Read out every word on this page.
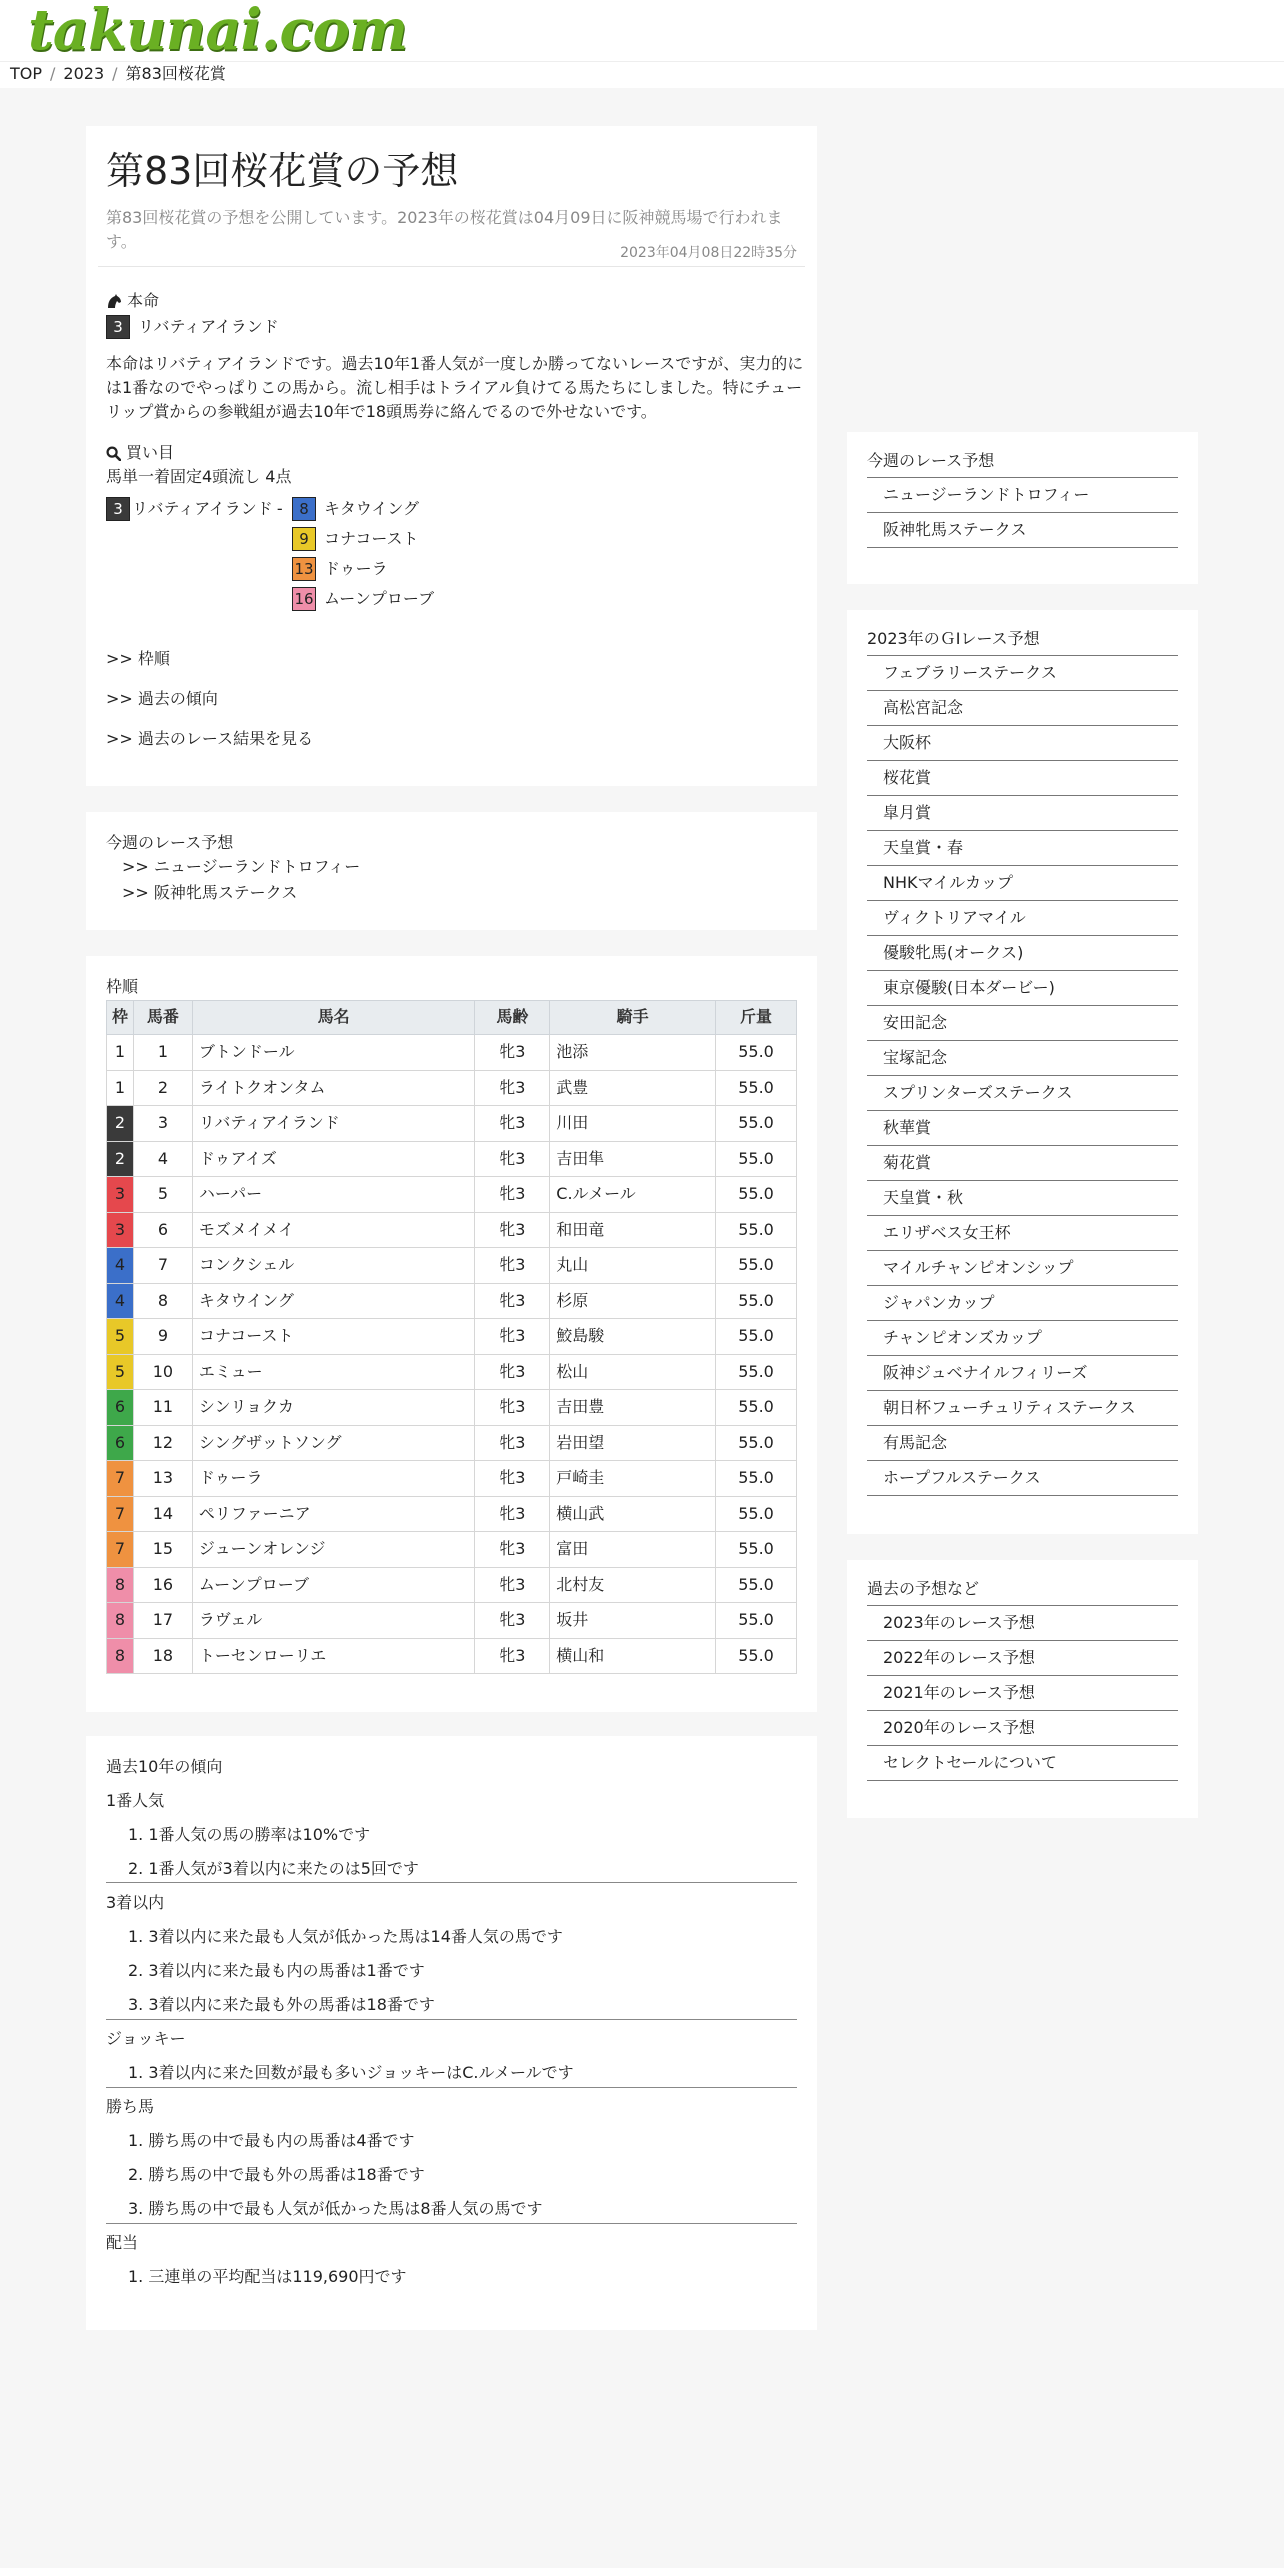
takunai.com
TOP / 2023 / 第83回桜花賞
第83回桜花賞の予想
第83回桜花賞の予想を公開しています。2023年の桜花賞は04月09日に阪神競馬場で行われます。
2023年04月08日22時35分
本命
3 リバティアイランド
本命はリバティアイランドです。過去10年1番人気が一度しか勝ってないレースですが、実力的には1番なのでやっぱりこの馬から。流し相手はトライアル負けてる馬たちにしました。特にチューリップ賞からの参戦組が過去10年で18頭馬券に絡んでるので外せないです。
買い目
馬単一着固定4頭流し 4点
3 リバティアイランド -	8 キタウイング
9 コナコースト
13 ドゥーラ
16 ムーンプローブ
>> 枠順
>> 過去の傾向
>> 過去のレース結果を見る
今週のレース予想
>> ニュージーランドトロフィー
>> 阪神牝馬ステークス
枠順
枠	馬番	馬名	馬齢	騎手	斤量
1	1	ブトンドール	牝3	池添	55.0
1	2	ライトクオンタム	牝3	武豊	55.0
2	3	リバティアイランド	牝3	川田	55.0
2	4	ドゥアイズ	牝3	吉田隼	55.0
3	5	ハーパー	牝3	C.ルメール	55.0
3	6	モズメイメイ	牝3	和田竜	55.0
4	7	コンクシェル	牝3	丸山	55.0
4	8	キタウイング	牝3	杉原	55.0
5	9	コナコースト	牝3	鮫島駿	55.0
5	10	エミュー	牝3	松山	55.0
6	11	シンリョクカ	牝3	吉田豊	55.0
6	12	シングザットソング	牝3	岩田望	55.0
7	13	ドゥーラ	牝3	戸崎圭	55.0
7	14	ペリファーニア	牝3	横山武	55.0
7	15	ジューンオレンジ	牝3	富田	55.0
8	16	ムーンプローブ	牝3	北村友	55.0
8	17	ラヴェル	牝3	坂井	55.0
8	18	トーセンローリエ	牝3	横山和	55.0
過去10年の傾向
1番人気
1. 1番人気の馬の勝率は10%です
2. 1番人気が3着以内に来たのは5回です
3着以内
1. 3着以内に来た最も人気が低かった馬は14番人気の馬です
2. 3着以内に来た最も内の馬番は1番です
3. 3着以内に来た最も外の馬番は18番です
ジョッキー
1. 3着以内に来た回数が最も多いジョッキーはC.ルメールです
勝ち馬
1. 勝ち馬の中で最も内の馬番は4番です
2. 勝ち馬の中で最も外の馬番は18番です
3. 勝ち馬の中で最も人気が低かった馬は8番人気の馬です
配当
1. 三連単の平均配当は119,690円です
今週のレース予想
ニュージーランドトロフィー
阪神牝馬ステークス
2023年のＧⅠレース予想
フェブラリーステークス
高松宮記念
大阪杯
桜花賞
皐月賞
天皇賞・春
NHKマイルカップ
ヴィクトリアマイル
優駿牝馬(オークス)
東京優駿(日本ダービー)
安田記念
宝塚記念
スプリンターズステークス
秋華賞
菊花賞
天皇賞・秋
エリザベス女王杯
マイルチャンピオンシップ
ジャパンカップ
チャンピオンズカップ
阪神ジュベナイルフィリーズ
朝日杯フューチュリティステークス
有馬記念
ホープフルステークス
過去の予想など
2023年のレース予想
2022年のレース予想
2021年のレース予想
2020年のレース予想
セレクトセールについて
